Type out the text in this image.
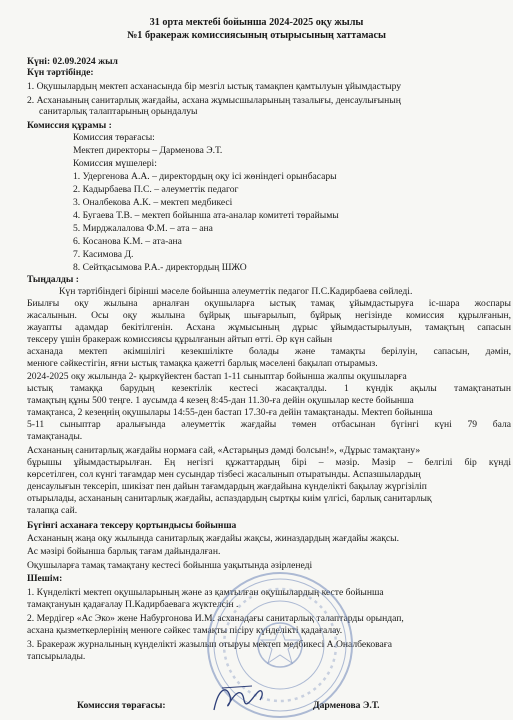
31 орта мектебі бойынша 2024-2025 оқу жылы
№1 бракераж комиссиясының отырысының хаттамасы
Күні: 02.09.2024 жыл
Күн тәртібінде:
1. Оқушылардың мектеп асханасында бір мезгіл ыстық тамақпен қамтылуын ұйымдастыру
2. Асханаының санитарлық жағдайы, асхана жұмысшыларының тазалығы, денсаулығының
санитарлық талаптарының орындалуы
Комиссия құрамы :
Комиссия төрағасы:
Мектеп директоры – Дарменова Э.Т.
Комиссия мүшелері:
1. Удергенова А.А. – директордың оқу ісі жөніндегі орынбасары
2. Кадырбаева П.С. – әлеуметтік педагог
3. Оналбекова А.К. – мектеп медбикесі
4. Бугаева Т.В. – мектеп бойынша ата-аналар комитеті төрайымы
5. Мирджалалова Ф.М. – ата – ана
6. Косанова К.М. – ата-ана
7. Касимова Д.
8. Сейтқасымова Р.А.- директордың ШЖО
Тыңдалды :
Күн тәртібіндегі бірінші мәселе бойынша әлеуметтік педагог П.С.Кадирбаева сөйледі.
Биылғы оқу жылына арналған оқушыларға ыстық тамақ ұйымдастыруға іс-шара жоспары
жасалынын. Осы оқу жылына бұйрық шығарылып, бұйрық негізінде комиссия құрылғанын,
жауапты адамдар бекітілгенін. Асхана жұмысының дұрыс ұйымдастырылуын, тамақтың сапасын
тексеру үшін бракераж комиссиясы құрылғанын айтып өтті. Әр күн сайын
асханада мектеп әкімшілігі кезекшілікте болады және тамақты берілуін, сапасын, дәмін,
менюге сәйкестігін, яғни ыстық тамақка қажетті барлық мәселені бақылап отырамыз.
2024-2025 оқу жылында 2- қыркүйектен бастап 1-11 сыныптар бойынша жалпы оқушыларға
ыстық тамаққа барудың кезектілік кестесі жасақталды. 1 күндік ақылы тамақтанатын
тамақтың құны 500 теңге. 1 аусымда 4 кезең 8:45-дан 11.30-ға дейін оқушылар кесте бойынша
тамақтанса, 2 кезеңнің оқушылары 14:55-ден бастап 17.30-ға дейін тамақтанады. Мектеп бойынша
5-11 сыныптар аралығында әлеуметтік жағдайы төмен отбасынан бүгінгі күні 79 бала
тамақтанады.
Асхананың санитарлық жағдайы нормаға сай, «Астарыңыз дәмді болсын!», «Дұрыс тамақтану»
бұрышы ұйымдастырылған. Ең негізгі құжаттардың бірі – мәзір. Мәзір – белгілі бір күнді
көрсетілген, сол күнгі тағамдар мен сусындар тізбесі жасалынып отыратынды. Аспазшылардың
денсаулығын тексеріп, шикізат пен дайын тағамдардың жағдайына күнделікті бақылау жүргізіліп
отырылады, асхананың санитарлық жағдайы, аспаздардың сыртқы киім үлгісі, барлық санитарлық
талапқа сай.
Бүгінгі асханаға тексеру қортындысы бойынша
Асхананың жаңа оқу жылында санитарлық жағдайы жақсы, жиназдардың жағдайы жақсы.
Ас мәзірі бойынша барлық тағам дайындалған.
Оқушыларға тамақ тамақтану кестесі бойынша уақытында әзірленеді
Шешім:
1. Күнделікті мектеп оқушыларының және аз қамтылған оқушылардың кесте бойынша
тамақтануын қадағалау П.Кадирбаевага жүктелсін .
2. Мердігер «Ас Эко» жене Набургонова И.М. асханадағы санитарлық талаптарды орындап,
асхана қызметкерлерінің менюге сәйкес тамақты пісіру күнделікті қадағалау.
3. Бракераж журналының күнделікті жазылып отыруы мектеп медбикесі А.Оналбековаға
тапсырылады.
Комиссия төрағасы:	Дарменова Э.Т.
